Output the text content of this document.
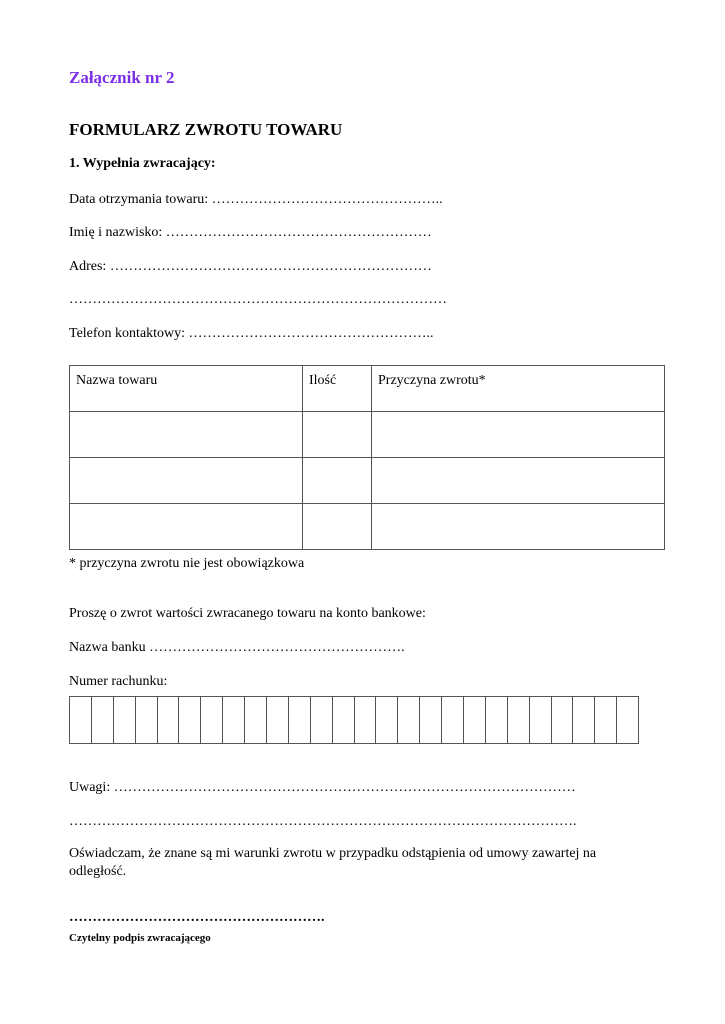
Załącznik nr 2
FORMULARZ ZWROTU TOWARU
1. Wypełnia zwracający:
Data otrzymania towaru: …………………………………………..
Imię i nazwisko: …………………………………………………
Adres: ……………………………………………………………
………………………………………………………………………
Telefon kontaktowy: ……………………………………………..
Nazwa towaru	Ilość	Przyczyna zwrotu*

* przyczyna zwrotu nie jest obowiązkowa
Proszę o zwrot wartości zwracanego towaru na konto bankowe:
Nazwa banku ……………………………………………….
Numer rachunku:
Uwagi: ………………………………………………………………………………………
……………………………………………………………………………………………….
Oświadczam, że znane są mi warunki zwrotu w przypadku odstąpienia od umowy zawartej na odległość.
……………………………………………….
Czytelny podpis zwracającego
